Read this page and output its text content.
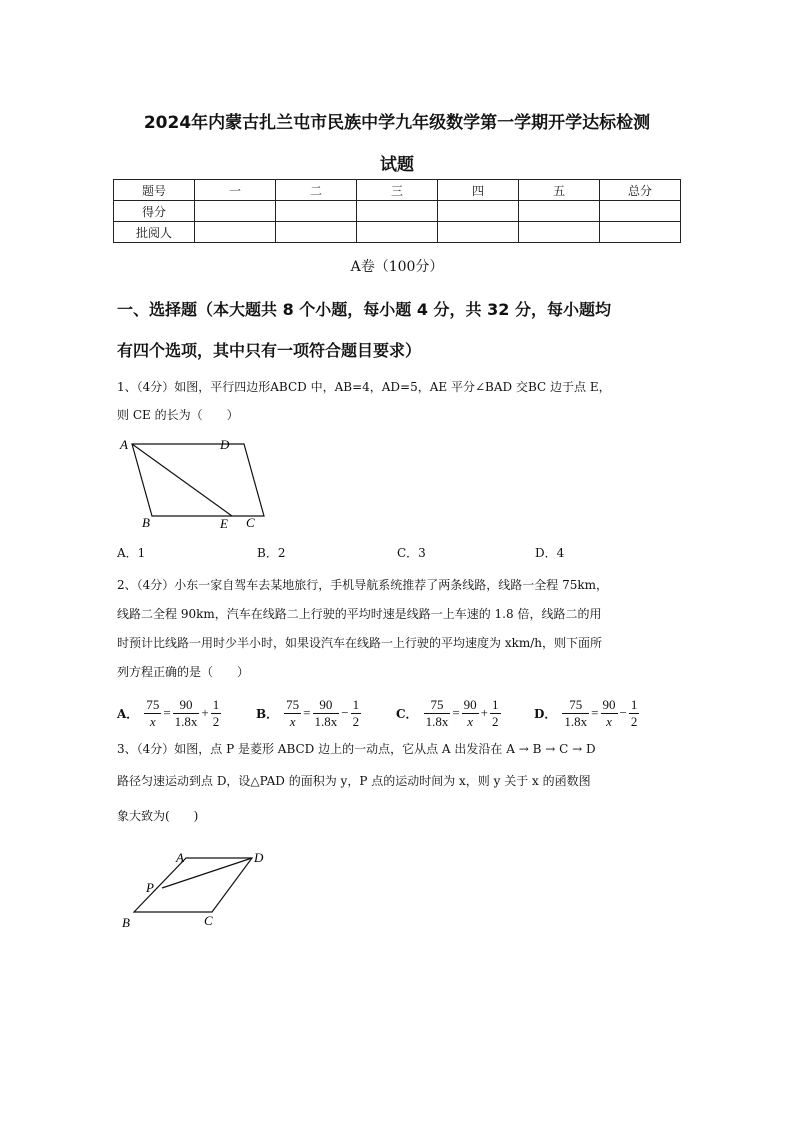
2024年内蒙古扎兰屯市民族中学九年级数学第一学期开学达标检测
试题
题号	一	二	三	四	五	总分
得分						
批阅人						
A卷（100分）
一、选择题（本大题共 8 个小题，每小题 4 分，共 32 分，每小题均
有四个选项，其中只有一项符合题目要求）
1、（4分）如图，平行四边形ABCD 中，AB=4，AD=5，AE 平分∠BAD 交BC 边于点 E，
则 CE 的长为（　　）
A	D
B	E C
A．1	B．2	C．3	D．4
2、（4分）小东一家自驾车去某地旅行，手机导航系统推荐了两条线路，线路一全程 75km，
线路二全程 90km，汽车在线路二上行驶的平均时速是线路一上车速的 1.8 倍，线路二的用
时预计比线路一用时少半小时，如果设汽车在线路一上行驶的平均速度为 xkm/h，则下面所
列方程正确的是（　　）
A． $\frac{75}{x} = \frac{90}{1.8x} + \frac{1}{2}$	B． $\frac{75}{x} = \frac{90}{1.8x} - \frac{1}{2}$	C． $\frac{75}{1.8x} = \frac{90}{x} + \frac{1}{2}$	D． $\frac{75}{1.8x} = \frac{90}{x} - \frac{1}{2}$
3、（4分）如图，点 P 是菱形 ABCD 边上的一动点，它从点 A 出发沿在 A → B → C → D
路径匀速运动到点 D，设△PAD 的面积为 y，P 点的运动时间为 x，则 y 关于 x 的函数图
象大致为(　　)
A	D
P
B	C
